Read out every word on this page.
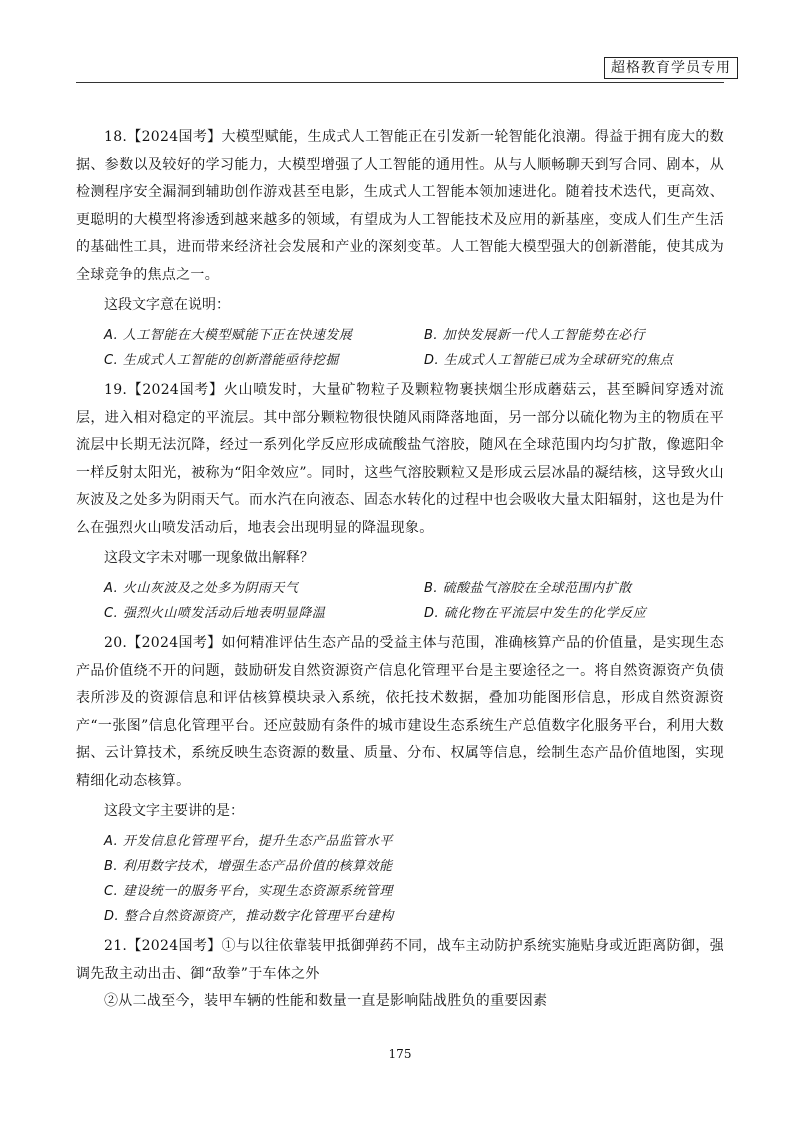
超格教育学员专用

18.【2024国考】大模型赋能，生成式人工智能正在引发新一轮智能化浪潮。得益于拥有庞大的数据、参数以及较好的学习能力，大模型增强了人工智能的通用性。从与人顺畅聊天到写合同、剧本，从检测程序安全漏洞到辅助创作游戏甚至电影，生成式人工智能本领加速进化。随着技术迭代，更高效、更聪明的大模型将渗透到越来越多的领域，有望成为人工智能技术及应用的新基座，变成人们生产生活的基础性工具，进而带来经济社会发展和产业的深刻变革。人工智能大模型强大的创新潜能，使其成为全球竞争的焦点之一。

这段文字意在说明：

A. 人工智能在大模型赋能下正在快速发展	B. 加快发展新一代人工智能势在必行
C. 生成式人工智能的创新潜能亟待挖掘	D. 生成式人工智能已成为全球研究的焦点

19.【2024国考】火山喷发时，大量矿物粒子及颗粒物裹挟烟尘形成蘑菇云，甚至瞬间穿透对流层，进入相对稳定的平流层。其中部分颗粒物很快随风雨降落地面，另一部分以硫化物为主的物质在平流层中长期无法沉降，经过一系列化学反应形成硫酸盐气溶胶，随风在全球范围内均匀扩散，像遮阳伞一样反射太阳光，被称为“阳伞效应”。同时，这些气溶胶颗粒又是形成云层冰晶的凝结核，这导致火山灰波及之处多为阴雨天气。而水汽在向液态、固态水转化的过程中也会吸收大量太阳辐射，这也是为什么在强烈火山喷发活动后，地表会出现明显的降温现象。

这段文字未对哪一现象做出解释？

A. 火山灰波及之处多为阴雨天气	B. 硫酸盐气溶胶在全球范围内扩散
C. 强烈火山喷发活动后地表明显降温	D. 硫化物在平流层中发生的化学反应

20.【2024国考】如何精准评估生态产品的受益主体与范围，准确核算产品的价值量，是实现生态产品价值绕不开的问题，鼓励研发自然资源资产信息化管理平台是主要途径之一。将自然资源资产负债表所涉及的资源信息和评估核算模块录入系统，依托技术数据，叠加功能图形信息，形成自然资源资产“一张图”信息化管理平台。还应鼓励有条件的城市建设生态系统生产总值数字化服务平台，利用大数据、云计算技术，系统反映生态资源的数量、质量、分布、权属等信息，绘制生态产品价值地图，实现精细化动态核算。

这段文字主要讲的是：

A. 开发信息化管理平台，提升生态产品监管水平
B. 利用数字技术，增强生态产品价值的核算效能
C. 建设统一的服务平台，实现生态资源系统管理
D. 整合自然资源资产，推动数字化管理平台建构

21.【2024国考】①与以往依靠装甲抵御弹药不同，战车主动防护系统实施贴身或近距离防御，强调先敌主动出击、御“敌拳”于车体之外

②从二战至今，装甲车辆的性能和数量一直是影响陆战胜负的重要因素

175
